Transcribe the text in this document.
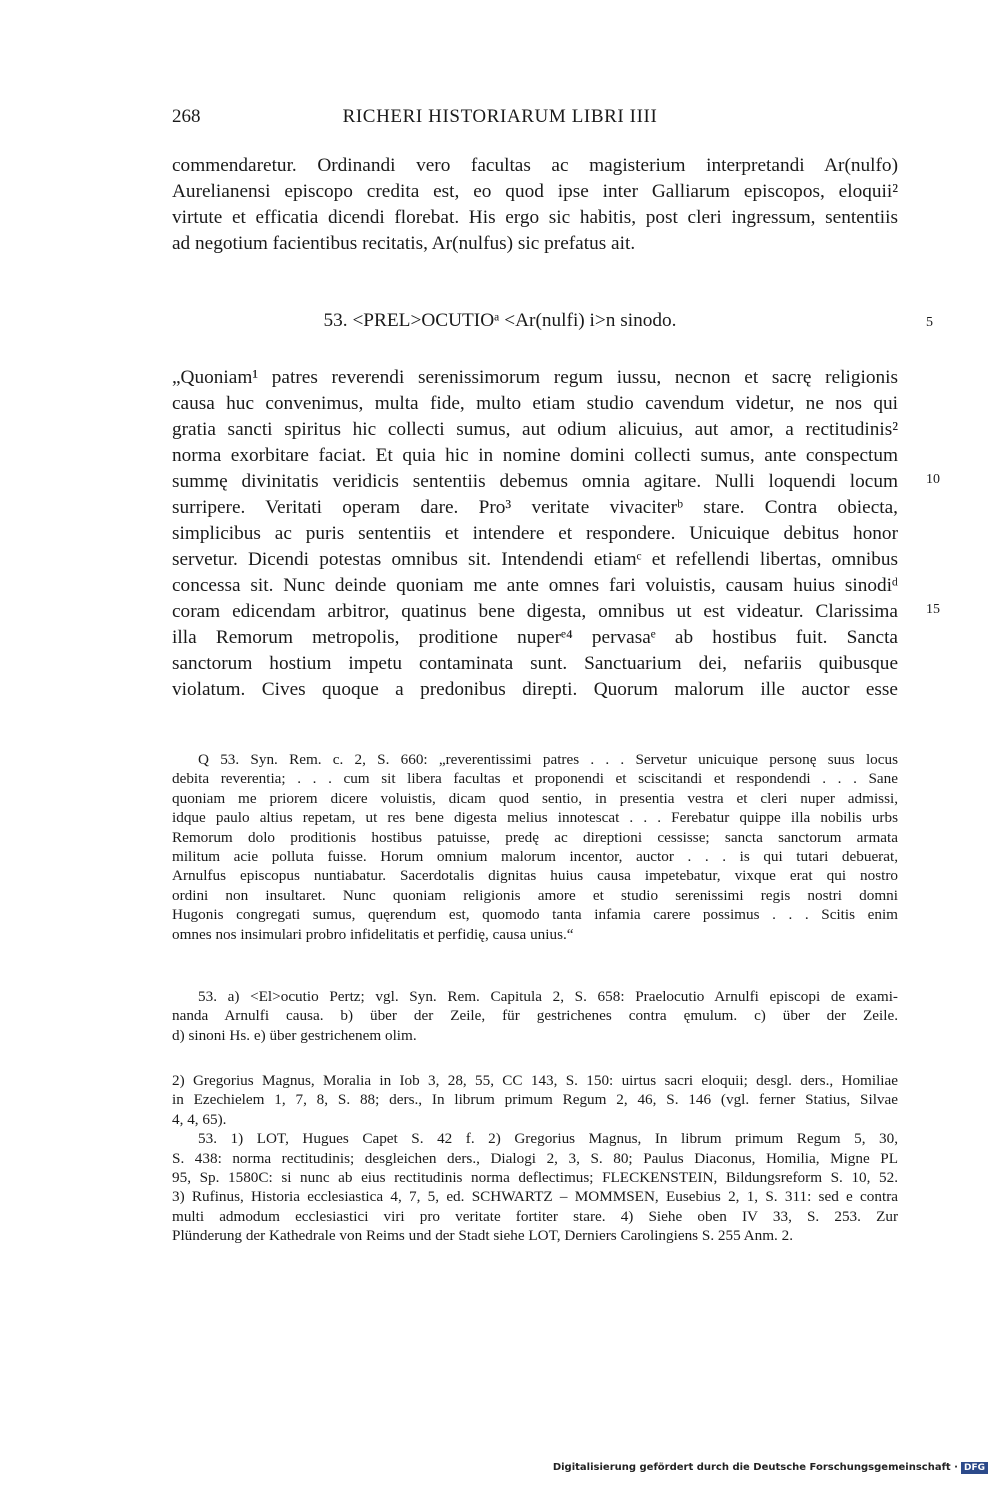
268	RICHERI HISTORIARUM LIBRI IIII
commendaretur. Ordinandi vero facultas ac magisterium interpretandi Ar(nulfo)
Aurelianensi episcopo credita est, eo quod ipse inter Galliarum episcopos, eloquii²
virtute et efficatia dicendi florebat. His ergo sic habitis, post cleri ingressum, sententiis
ad negotium facientibus recitatis, Ar(nulfus) sic prefatus ait.
53. <PREL>OCUTIOᵃ <Ar(nulfi) i>n sinodo.	5
10
15
„Quoniam¹ patres reverendi serenissimorum regum iussu, necnon et sacrę religionis
causa huc convenimus, multa fide, multo etiam studio cavendum videtur, ne nos qui
gratia sancti spiritus hic collecti sumus, aut odium alicuius, aut amor, a rectitudinis²
norma exorbitare faciat. Et quia hic in nomine domini collecti sumus, ante conspectum
summę divinitatis veridicis sententiis debemus omnia agitare. Nulli loquendi locum
surripere. Veritati operam dare. Pro³ veritate vivaciterᵇ stare. Contra obiecta,
simplicibus ac puris sententiis et intendere et respondere. Unicuique debitus honor
servetur. Dicendi potestas omnibus sit. Intendendi etiamᶜ et refellendi libertas, omnibus
concessa sit. Nunc deinde quoniam me ante omnes fari voluistis, causam huius sinodiᵈ
coram edicendam arbitror, quatinus bene digesta, omnibus ut est videatur. Clarissima
illa Remorum metropolis, proditione nuperᵉ⁴ pervasaᵉ ab hostibus fuit. Sancta
sanctorum hostium impetu contaminata sunt. Sanctuarium dei, nefariis quibusque
violatum. Cives quoque a predonibus direpti. Quorum malorum ille auctor esse
Q 53. Syn. Rem. c. 2, S. 660: „reverentissimi patres . . . Servetur unicuique personę suus locus
debita reverentia; . . . cum sit libera facultas et proponendi et sciscitandi et respondendi . . . Sane
quoniam me priorem dicere voluistis, dicam quod sentio, in presentia vestra et cleri nuper admissi,
idque paulo altius repetam, ut res bene digesta melius innotescat . . . Ferebatur quippe illa nobilis urbs
Remorum dolo proditionis hostibus patuisse, predę ac direptioni cessisse; sancta sanctorum armata
militum acie polluta fuisse. Horum omnium malorum incentor, auctor . . . is qui tutari debuerat,
Arnulfus episcopus nuntiabatur. Sacerdotalis dignitas huius causa impetebatur, vixque erat qui nostro
ordini non insultaret. Nunc quoniam religionis amore et studio serenissimi regis nostri domni
Hugonis congregati sumus, quęrendum est, quomodo tanta infamia carere possimus . . . Scitis enim
omnes nos insimulari probro infidelitatis et perfidię, causa unius.“
53. a) <El>ocutio Pertz; vgl. Syn. Rem. Capitula 2, S. 658: Praelocutio Arnulfi episcopi de exami-
nanda Arnulfi causa. b) über der Zeile, für gestrichenes contra ęmulum. c) über der Zeile.
d) sinoni Hs. e) über gestrichenem olim.
2) Gregorius Magnus, Moralia in Iob 3, 28, 55, CC 143, S. 150: uirtus sacri eloquii; desgl. ders., Homiliae
in Ezechielem 1, 7, 8, S. 88; ders., In librum primum Regum 2, 46, S. 146 (vgl. ferner Statius, Silvae
4, 4, 65).
53. 1) LOT, Hugues Capet S. 42 f. 2) Gregorius Magnus, In librum primum Regum 5, 30,
S. 438: norma rectitudinis; desgleichen ders., Dialogi 2, 3, S. 80; Paulus Diaconus, Homilia, Migne PL
95, Sp. 1580C: si nunc ab eius rectitudinis norma deflectimus; FLECKENSTEIN, Bildungsreform S. 10, 52.
3) Rufinus, Historia ecclesiastica 4, 7, 5, ed. SCHWARTZ – MOMMSEN, Eusebius 2, 1, S. 311: sed e contra
multi admodum ecclesiastici viri pro veritate fortiter stare. 4) Siehe oben IV 33, S. 253. Zur
Plünderung der Kathedrale von Reims und der Stadt siehe LOT, Derniers Carolingiens S. 255 Anm. 2.
Digitalisierung gefördert durch die Deutsche Forschungsgemeinschaft · DFG
